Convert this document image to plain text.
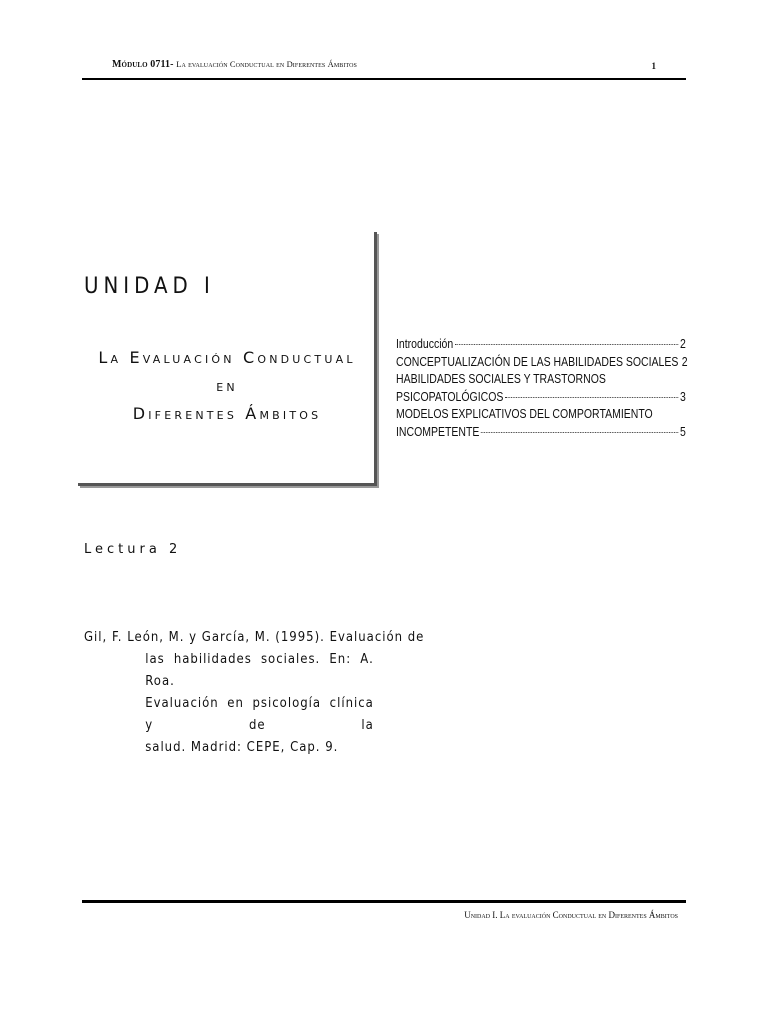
Módulo 0711- La evaluación Conductual en Diferentes Ámbitos	1
UNIDAD I
La Evaluación Conductual en
Diferentes Ámbitos
Introducción	2
CONCEPTUALIZACIÓN DE LAS HABILIDADES SOCIALES 2
HABILIDADES SOCIALES Y TRASTORNOS
PSICOPATOLÓGICOS	3
MODELOS EXPLICATIVOS DEL COMPORTAMIENTO
INCOMPETENTE	5
Lectura 2
Gil, F. León, M. y García, M. (1995). Evaluación de
las habilidades sociales. En: A. Roa.
Evaluación en psicología clínica y de la
salud. Madrid: CEPE, Cap. 9.
Unidad I. La evaluación Conductual en Diferentes Ámbitos
